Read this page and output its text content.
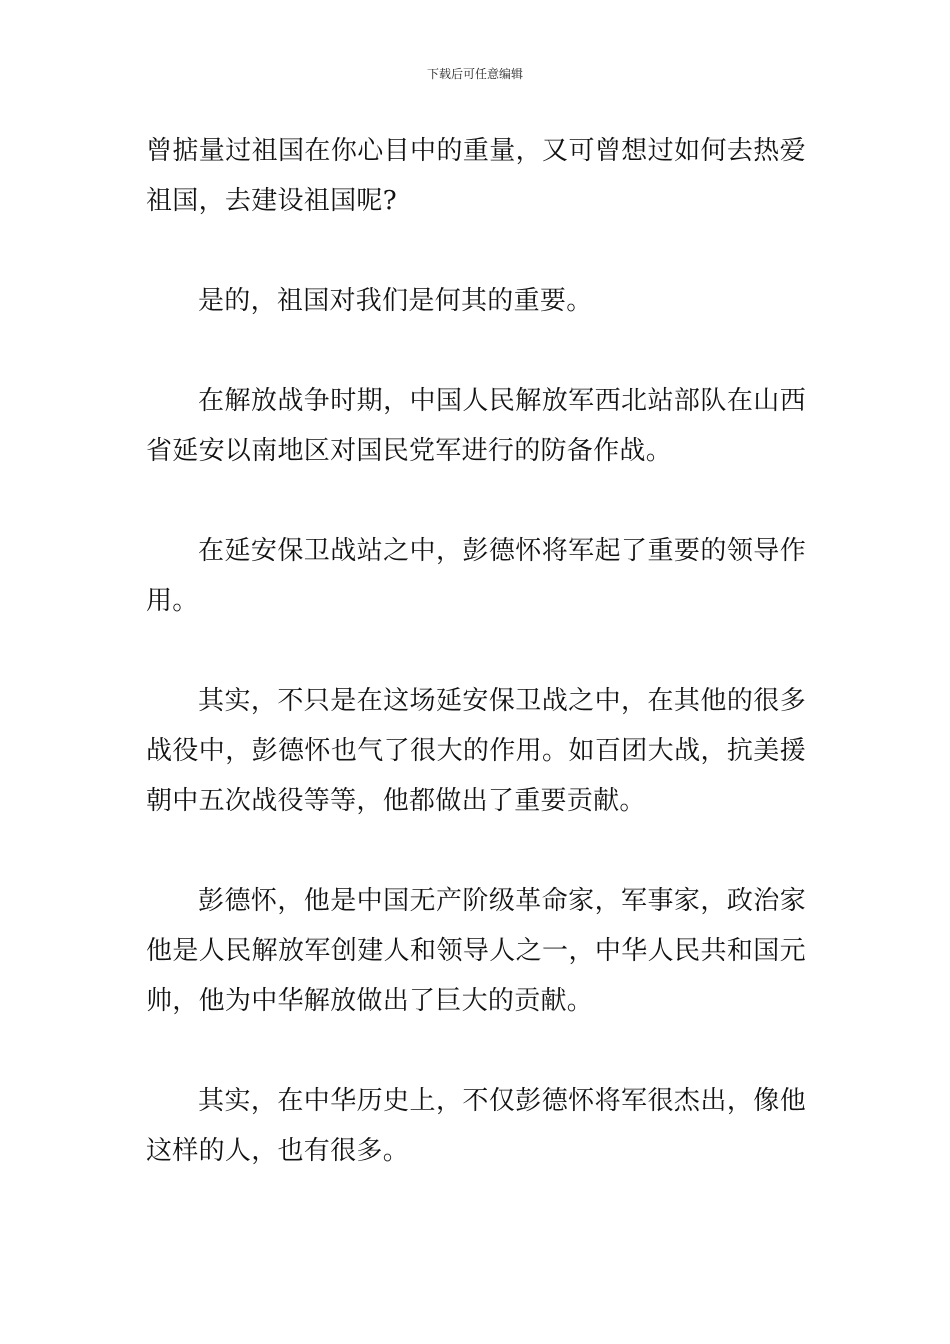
下载后可任意编辑

曾掂量过祖国在你心目中的重量，又可曾想过如何去热爱祖国，去建设祖国呢?

是的，祖国对我们是何其的重要。

在解放战争时期，中国人民解放军西北站部队在山西省延安以南地区对国民党军进行的防备作战。

在延安保卫战站之中，彭德怀将军起了重要的领导作用。

其实，不只是在这场延安保卫战之中，在其他的很多战役中，彭德怀也气了很大的作用。如百团大战，抗美援朝中五次战役等等，他都做出了重要贡献。

彭德怀，他是中国无产阶级革命家，军事家，政治家他是人民解放军创建人和领导人之一，中华人民共和国元帅，他为中华解放做出了巨大的贡献。

其实，在中华历史上，不仅彭德怀将军很杰出，像他这样的人，也有很多。
